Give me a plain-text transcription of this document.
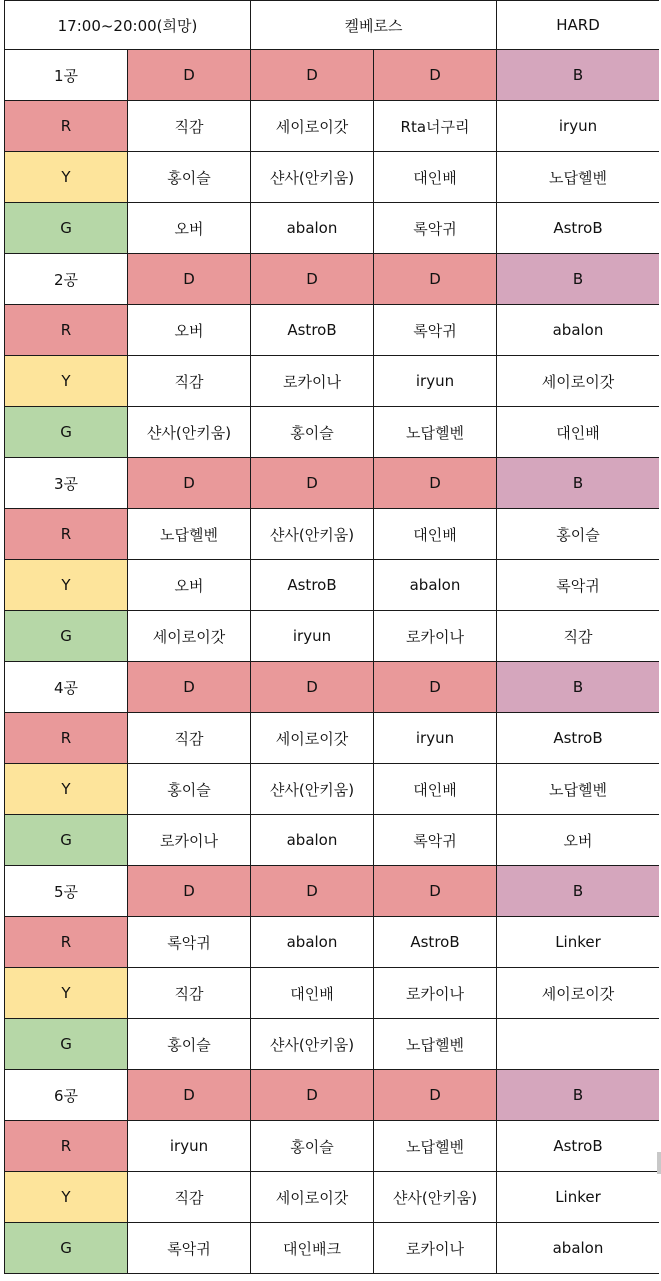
17:00~20:00(희망)		켈베로스		HARD
1공	D	D	D	B
R	직감	세이로이갓	Rta너구리	iryun
Y	홍이슬	샨사(안키움)	대인배	노답헬벤
G	오버	abalon	록악귀	AstroB
2공	D	D	D	B
R	오버	AstroB	록악귀	abalon
Y	직감	로카이나	iryun	세이로이갓
G	샨사(안키움)	홍이슬	노답헬벤	대인배
3공	D	D	D	B
R	노답헬벤	샨사(안키움)	대인배	홍이슬
Y	오버	AstroB	abalon	록악귀
G	세이로이갓	iryun	로카이나	직감
4공	D	D	D	B
R	직감	세이로이갓	iryun	AstroB
Y	홍이슬	샨사(안키움)	대인배	노답헬벤
G	로카이나	abalon	록악귀	오버
5공	D	D	D	B
R	록악귀	abalon	AstroB	Linker
Y	직감	대인배	로카이나	세이로이갓
G	홍이슬	샨사(안키움)	노답헬벤	
6공	D	D	D	B
R	iryun	홍이슬	노답헬벤	AstroB
Y	직감	세이로이갓	샨사(안키움)	Linker
G	록악귀	대인배크	로카이나	abalon
